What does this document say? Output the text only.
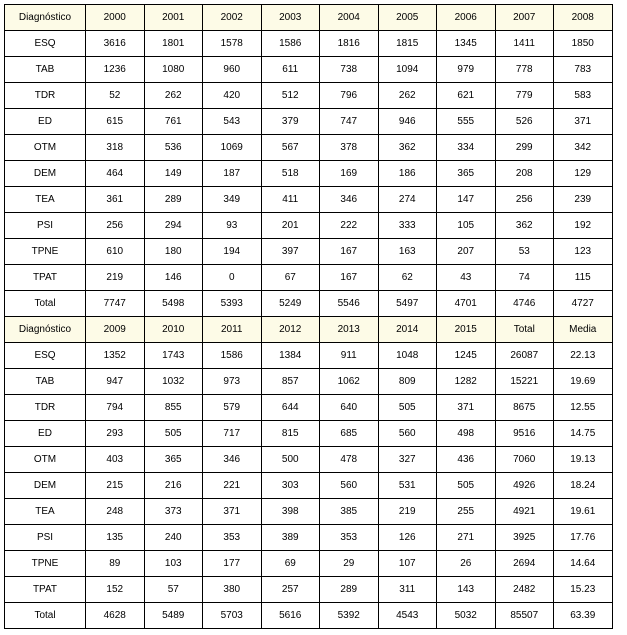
Diagnóstico	2000	2001	2002	2003	2004	2005	2006	2007	2008
ESQ	3616	1801	1578	1586	1816	1815	1345	1411	1850
TAB	1236	1080	960	611	738	1094	979	778	783
TDR	52	262	420	512	796	262	621	779	583
ED	615	761	543	379	747	946	555	526	371
OTM	318	536	1069	567	378	362	334	299	342
DEM	464	149	187	518	169	186	365	208	129
TEA	361	289	349	411	346	274	147	256	239
PSI	256	294	93	201	222	333	105	362	192
TPNE	610	180	194	397	167	163	207	53	123
TPAT	219	146	0	67	167	62	43	74	115
Total	7747	5498	5393	5249	5546	5497	4701	4746	4727
Diagnóstico	2009	2010	2011	2012	2013	2014	2015	Total	Media
ESQ	1352	1743	1586	1384	911	1048	1245	26087	22.13
TAB	947	1032	973	857	1062	809	1282	15221	19.69
TDR	794	855	579	644	640	505	371	8675	12.55
ED	293	505	717	815	685	560	498	9516	14.75
OTM	403	365	346	500	478	327	436	7060	19.13
DEM	215	216	221	303	560	531	505	4926	18.24
TEA	248	373	371	398	385	219	255	4921	19.61
PSI	135	240	353	389	353	126	271	3925	17.76
TPNE	89	103	177	69	29	107	26	2694	14.64
TPAT	152	57	380	257	289	311	143	2482	15.23
Total	4628	5489	5703	5616	5392	4543	5032	85507	63.39
